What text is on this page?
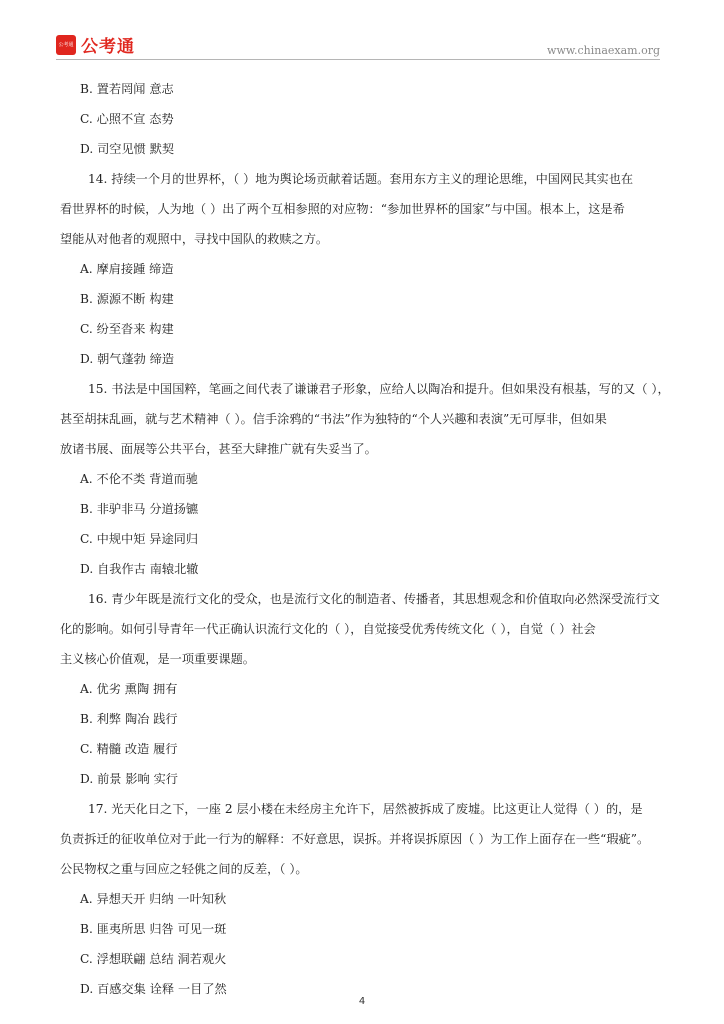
公考通 公考通	www.chinaexam.org

B. 置若罔闻 意志

C. 心照不宣 态势

D. 司空见惯 默契

14. 持续一个月的世界杯，（ ）地为舆论场贡献着话题。套用东方主义的理论思维，中国网民其实也在

看世界杯的时候，人为地（ ）出了两个互相参照的对应物：“参加世界杯的国家”与中国。根本上，这是希

望能从对他者的观照中，寻找中国队的救赎之方。

A. 摩肩接踵 缔造

B. 源源不断 构建

C. 纷至沓来 构建

D. 朝气蓬勃 缔造

15. 书法是中国国粹，笔画之间代表了谦谦君子形象，应给人以陶冶和提升。但如果没有根基，写的又（ ），

甚至胡抹乱画，就与艺术精神（ ）。信手涂鸦的“书法”作为独特的“个人兴趣和表演”无可厚非，但如果

放诸书展、面展等公共平台，甚至大肆推广就有失妥当了。

A. 不伦不类 背道而驰

B. 非驴非马 分道扬镳

C. 中规中矩 异途同归

D. 自我作古 南辕北辙

16. 青少年既是流行文化的受众，也是流行文化的制造者、传播者，其思想观念和价值取向必然深受流行文

化的影响。如何引导青年一代正确认识流行文化的（ ），自觉接受优秀传统文化（ ），自觉（ ）社会

主义核心价值观，是一项重要课题。

A. 优劣 熏陶 拥有

B. 利弊 陶冶 践行

C. 精髓 改造 履行

D. 前景 影响 实行

17. 光天化日之下，一座 2 层小楼在未经房主允许下，居然被拆成了废墟。比这更让人觉得（ ）的，是

负责拆迁的征收单位对于此一行为的解释：不好意思，误拆。并将误拆原因（ ）为工作上面存在一些“瑕疵”。

公民物权之重与回应之轻佻之间的反差，（ ）。

A. 异想天开 归纳 一叶知秋

B. 匪夷所思 归咎 可见一斑

C. 浮想联翩 总结 洞若观火

D. 百感交集 诠释 一目了然

4
